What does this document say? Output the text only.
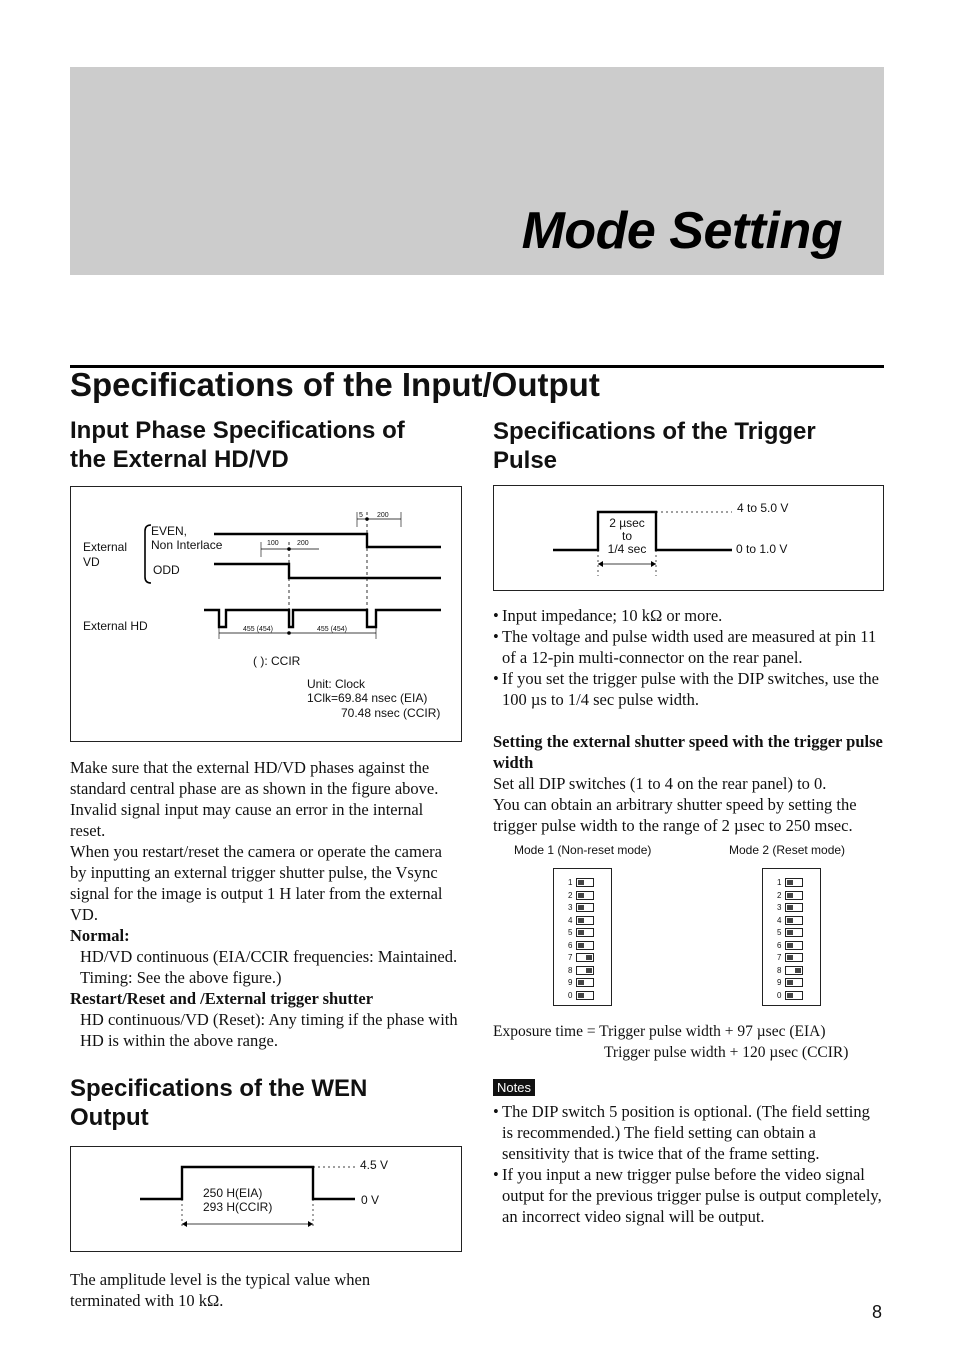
Mode Setting
Specifications of the Input/Output
Input Phase Specifications of
the External HD/VD
External
VD
EVEN,
Non Interlace
ODD
External HD
100	200
5 200
455 (454)	455 (454)
( ): CCIR
Unit: Clock
1Clk=69.84 nsec (EIA)
70.48 nsec (CCIR)

Make sure that the external HD/VD phases against the standard central phase are as shown in the figure above. Invalid signal input may cause an error in the internal reset.

When you restart/reset the camera or operate the camera by inputting an external trigger shutter pulse, the Vsync signal for the image is output 1 H later from the external VD.

Normal:

HD/VD continuous (EIA/CCIR frequencies: Maintained. Timing: See the above figure.)

Restart/Reset and /External trigger shutter

HD continuous/VD (Reset): Any timing if the phase with HD is within the above range.

Specifications of the WEN
Output
4.5 V
0 V
250 H(EIA)
293 H(CCIR)

The amplitude level is the typical value when

terminated with 10 kΩ.

Specifications of the Trigger
Pulse
4 to 5.0 V
0 to 1.0 V
2 µsec
to
1/4 sec
• Input impedance; 10 kΩ or more.
• The voltage and pulse width used are measured at pin 11 of a 12-pin multi-connector on the rear panel.
• If you set the trigger pulse with the DIP switches, use the 100 µs to 1/4 sec pulse width.

Setting the external shutter speed with the trigger pulse width

Set all DIP switches (1 to 4 on the rear panel) to 0.

You can obtain an arbitrary shutter speed by setting the trigger pulse width to the range of 2 µsec to 250 msec.

Mode 1 (Non-reset mode)	Mode 2 (Reset mode)
1
2
3
4
5
6
7
8
9
0
1
2
3
4
5
6
7
8
9
0

Exposure time = Trigger pulse width + 97 µsec (EIA)

Trigger pulse width + 120 µsec (CCIR)

Notes
• The DIP switch 5 position is optional. (The field setting is recommended.) The field setting can obtain a sensitivity that is twice that of the frame setting.
• If you input a new trigger pulse before the video signal output for the previous trigger pulse is output completely, an incorrect video signal will be output.
8
